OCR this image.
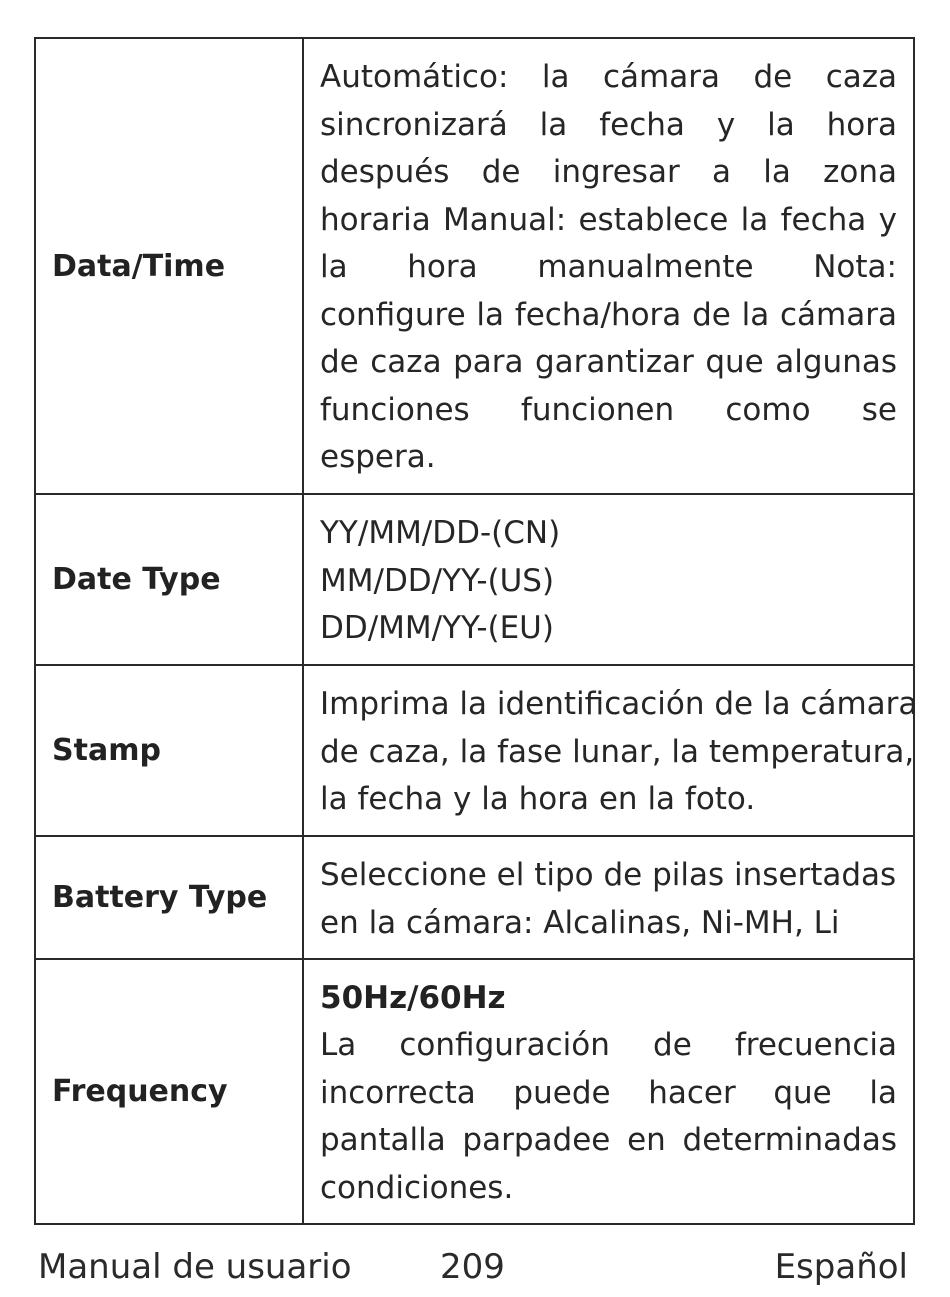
Data/Time	Automático: la cámara de caza sincronizará la fecha y la hora después de ingresar a la zona horaria Manual: establece la fecha y la hora manualmente Nota: configure la fecha/hora de la cámara de caza para garantizar que algunas funciones funcionen como se espera.
Date Type	YY/MM/DD-(CN)
MM/DD/YY-(US)
DD/MM/YY-(EU)

Stamp	Imprima la identificación de la cámara
de caza, la fase lunar, la temperatura,
la fecha y la hora en la foto.

Battery Type	Seleccione el tipo de pilas insertadas
en la cámara: Alcalinas, Ni-MH, Li

Frequency	50Hz/60Hz
La configuración de frecuencia incorrecta puede hacer que la pantalla parpadee en determinadas condiciones.
Manual de usuario	209	Español
